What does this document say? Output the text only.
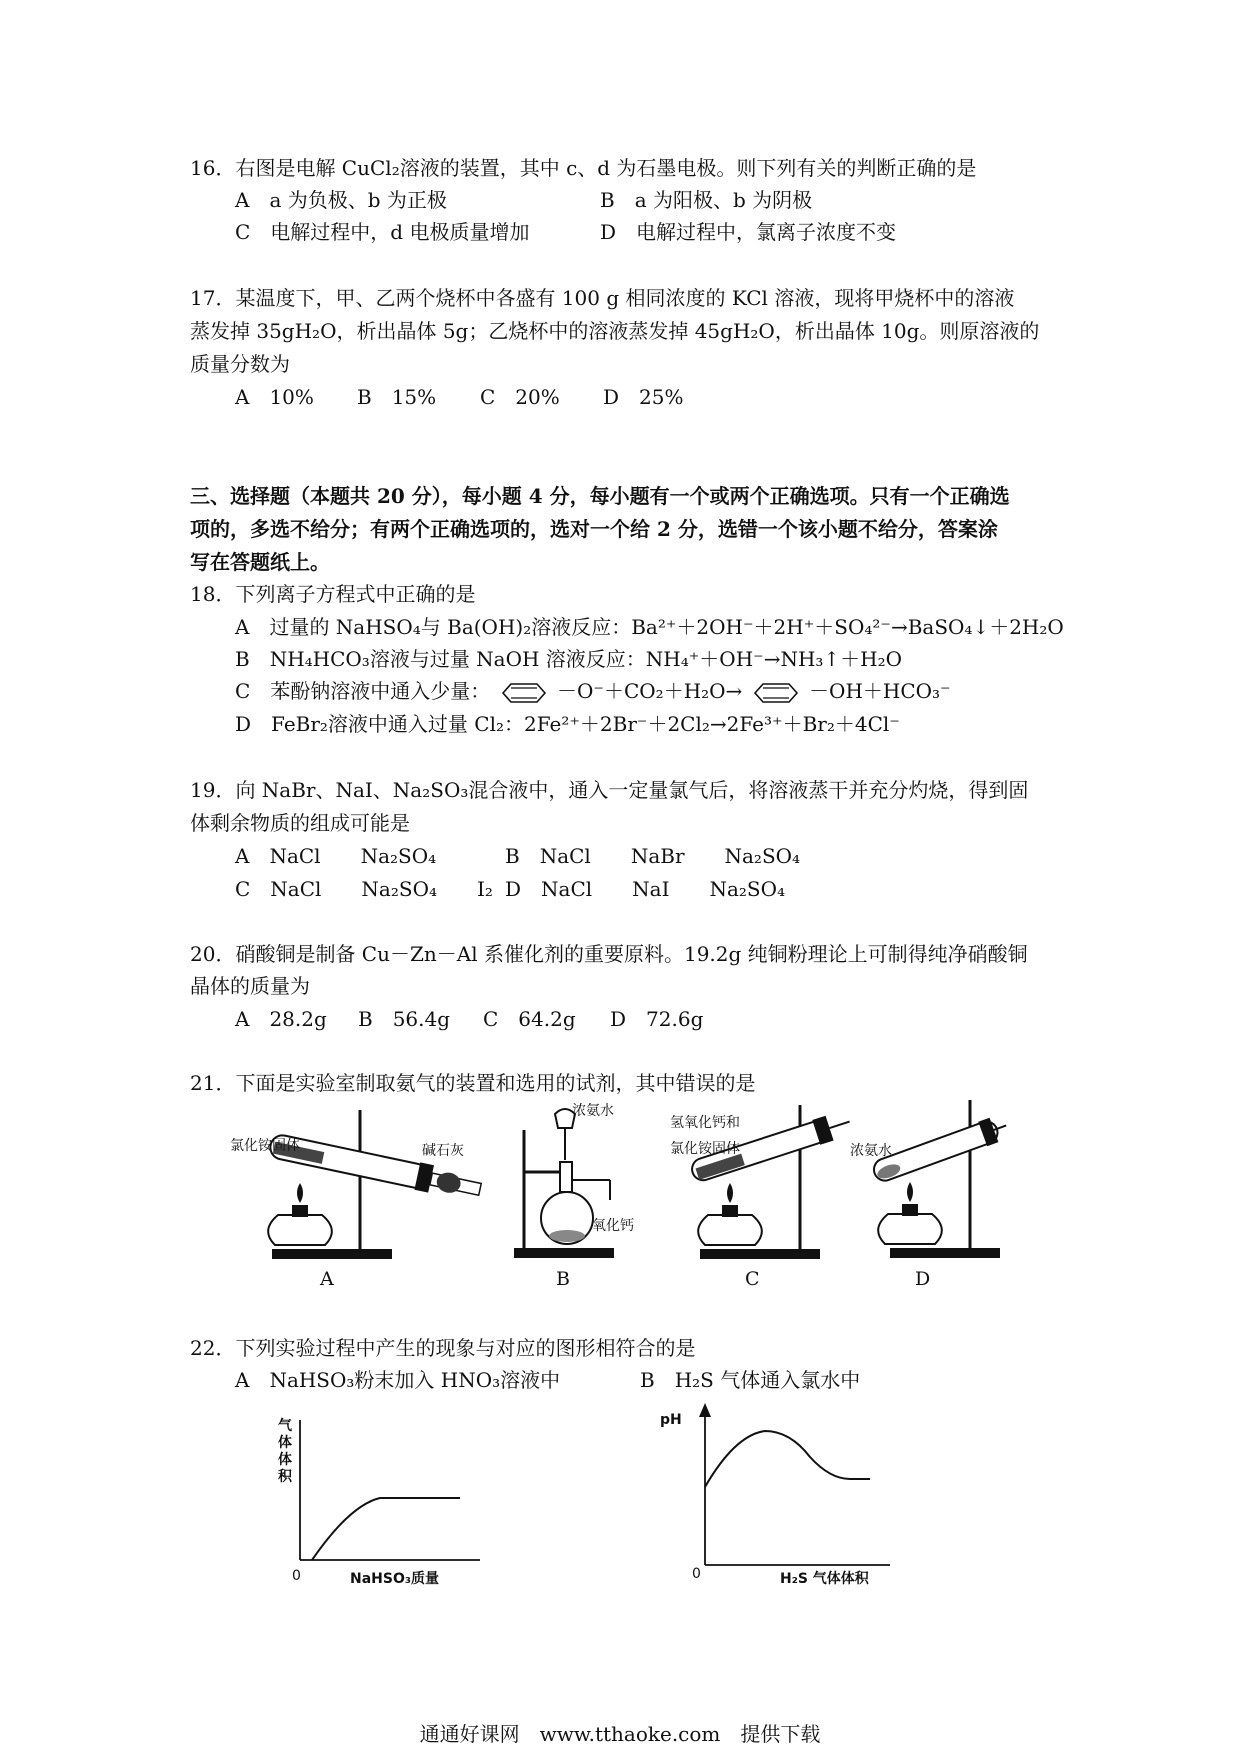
16．右图是电解 CuCl₂溶液的装置，其中 c、d 为石墨电极。则下列有关的判断正确的是
A　a 为负极、b 为正极	B　a 为阳极、b 为阴极
C　电解过程中，d 电极质量增加	D　电解过程中，氯离子浓度不变
17．某温度下，甲、乙两个烧杯中各盛有 100 g 相同浓度的 KCl 溶液，现将甲烧杯中的溶液
蒸发掉 35gH₂O，析出晶体 5g；乙烧杯中的溶液蒸发掉 45gH₂O，析出晶体 10g。则原溶液的
质量分数为
A　10% B　15% C　20% D　25%
三、选择题（本题共 20 分），每小题 4 分，每小题有一个或两个正确选项。只有一个正确选
项的，多选不给分；有两个正确选项的，选对一个给 2 分，选错一个该小题不给分，答案涂
写在答题纸上。
18．下列离子方程式中正确的是
A　过量的 NaHSO₄与 Ba(OH)₂溶液反应：Ba²⁺＋2OH⁻＋2H⁺＋SO₄²⁻→BaSO₄↓＋2H₂O
B　NH₄HCO₃溶液与过量 NaOH 溶液反应：NH₄⁺＋OH⁻→NH₃↑＋H₂O
C　苯酚钠溶液中通入少量：	－O⁻＋CO₂＋H₂O→	－OH＋HCO₃⁻
D　FeBr₂溶液中通入过量 Cl₂：2Fe²⁺＋2Br⁻＋2Cl₂→2Fe³⁺＋Br₂＋4Cl⁻
19．向 NaBr、NaI、Na₂SO₃混合液中，通入一定量氯气后，将溶液蒸干并充分灼烧，得到固
体剩余物质的组成可能是
A　NaCl　　Na₂SO₄	B　NaCl　　NaBr　　Na₂SO₄
C　NaCl　　Na₂SO₄　　I₂ D　NaCl　　NaI　　Na₂SO₄
20．硝酸铜是制备 Cu－Zn－Al 系催化剂的重要原料。19.2g 纯铜粉理论上可制得纯净硝酸铜
晶体的质量为
A　28.2g B　56.4g C　64.2g D　72.6g
21．下面是实验室制取氨气的装置和选用的试剂，其中错误的是
氯化铵固体	碱石灰
A
浓氨水
氧化钙
B
氢氧化钙和
氯化铵固体
C
浓氨水
D
22．下列实验过程中产生的现象与对应的图形相符合的是
A　NaHSO₃粉末加入 HNO₃溶液中	B　H₂S 气体通入氯水中
气体体积
0	NaHSO₃质量
pH
0	H₂S 气体体积
通通好课网　www.tthaoke.com　提供下载
